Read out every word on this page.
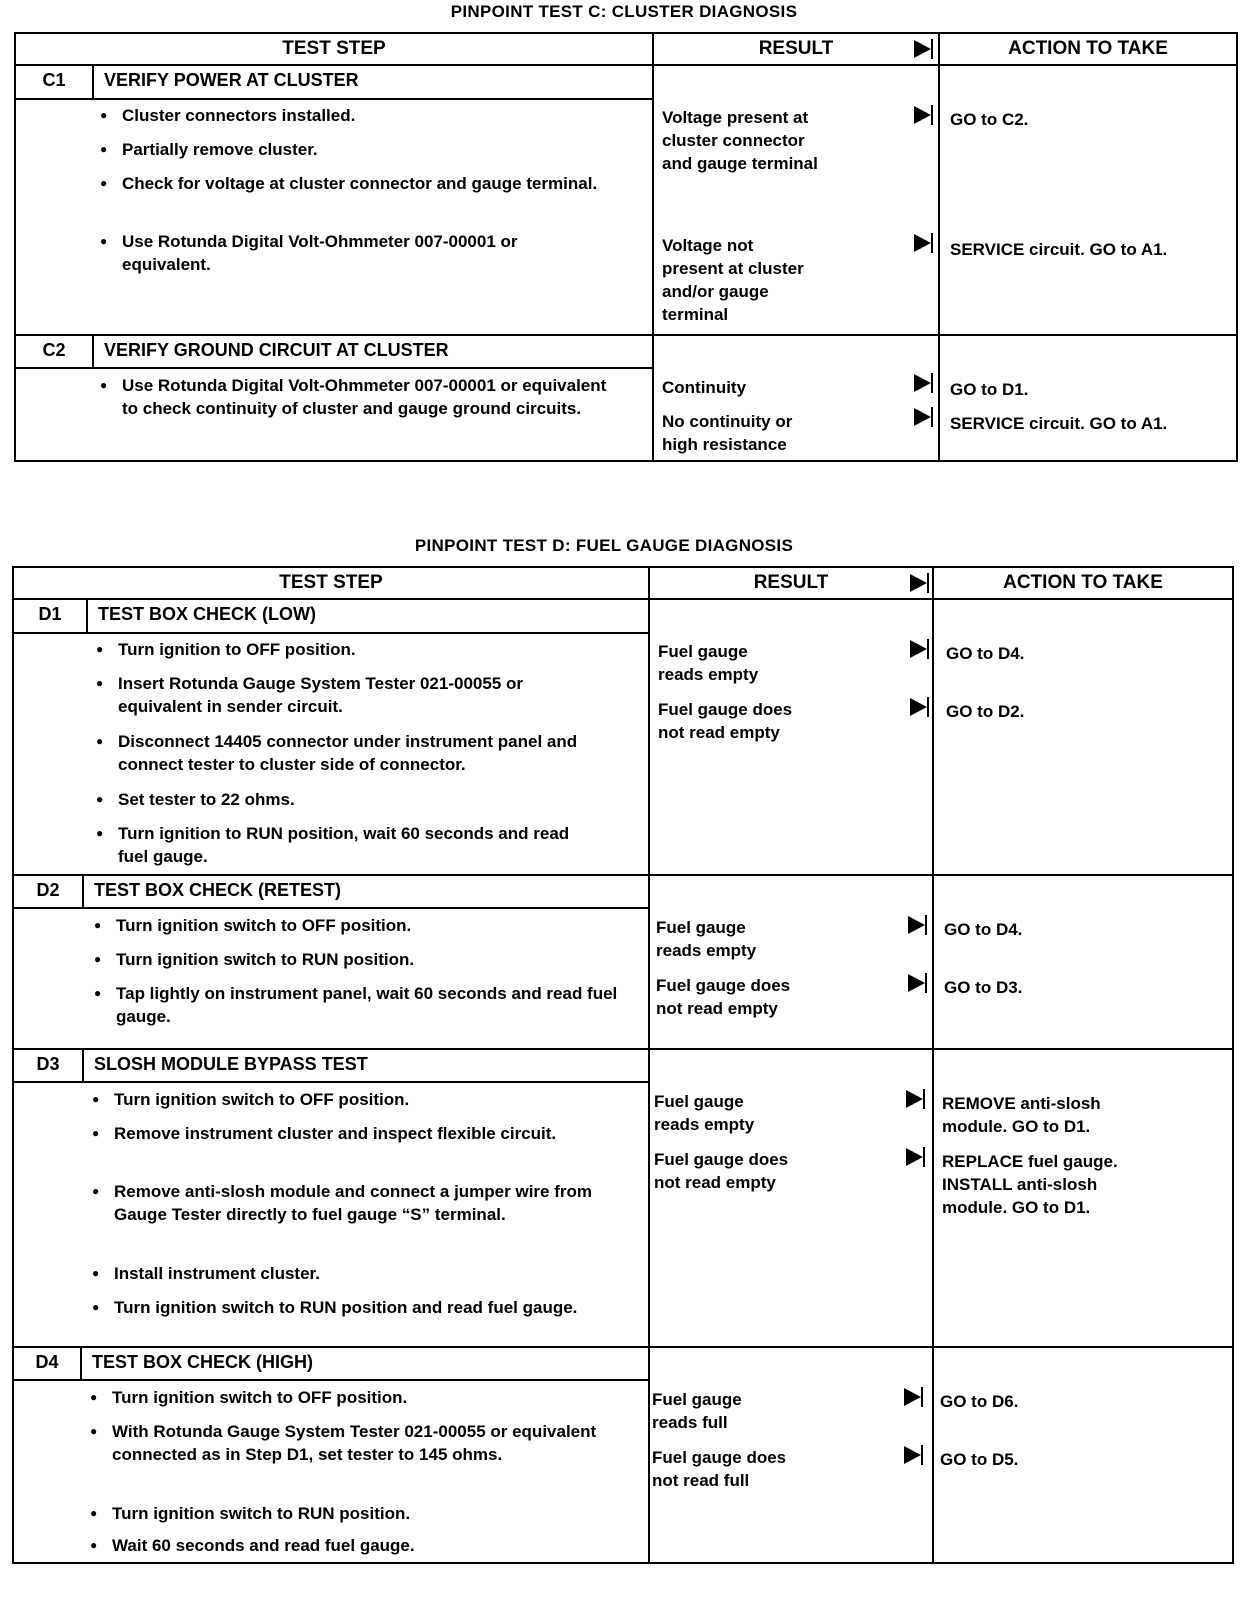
PINPOINT TEST C: CLUSTER DIAGNOSIS
TEST STEP	RESULT	ACTION TO TAKE
C1	VERIFY POWER AT CLUSTER
● Cluster connectors installed.
● Partially remove cluster.
● Check for voltage at cluster connector and gauge terminal.
● Use Rotunda Digital Volt-Ohmmeter 007-00001 or equivalent.
Voltage present at cluster connector and gauge terminal
GO to C2.
Voltage not present at cluster and/or gauge terminal
SERVICE circuit. GO to A1.
C2	VERIFY GROUND CIRCUIT AT CLUSTER
● Use Rotunda Digital Volt-Ohmmeter 007-00001 or equivalent to check continuity of cluster and gauge ground circuits.
Continuity	GO to D1.
No continuity or high resistance
SERVICE circuit. GO to A1.
PINPOINT TEST D: FUEL GAUGE DIAGNOSIS
TEST STEP	RESULT	ACTION TO TAKE
D1	TEST BOX CHECK (LOW)
● Turn ignition to OFF position.
● Insert Rotunda Gauge System Tester 021-00055 or equivalent in sender circuit.
● Disconnect 14405 connector under instrument panel and connect tester to cluster side of connector.
● Set tester to 22 ohms.
● Turn ignition to RUN position, wait 60 seconds and read fuel gauge.
Fuel gauge reads empty
GO to D4.
Fuel gauge does not read empty
GO to D2.
D2	TEST BOX CHECK (RETEST)
● Turn ignition switch to OFF position.
● Turn ignition switch to RUN position.
● Tap lightly on instrument panel, wait 60 seconds and read fuel gauge.
Fuel gauge reads empty
GO to D4.
Fuel gauge does not read empty
GO to D3.
D3	SLOSH MODULE BYPASS TEST
● Turn ignition switch to OFF position.
● Remove instrument cluster and inspect flexible circuit.
● Remove anti-slosh module and connect a jumper wire from Gauge Tester directly to fuel gauge “S” terminal.
● Install instrument cluster.
● Turn ignition switch to RUN position and read fuel gauge.
Fuel gauge reads empty
REMOVE anti-slosh module. GO to D1.
Fuel gauge does not read empty
REPLACE fuel gauge. INSTALL anti-slosh module. GO to D1.
D4	TEST BOX CHECK (HIGH)
● Turn ignition switch to OFF position.
● With Rotunda Gauge System Tester 021-00055 or equivalent connected as in Step D1, set tester to 145 ohms.
● Turn ignition switch to RUN position.
● Wait 60 seconds and read fuel gauge.
Fuel gauge reads full
GO to D6.
Fuel gauge does not read full
GO to D5.
